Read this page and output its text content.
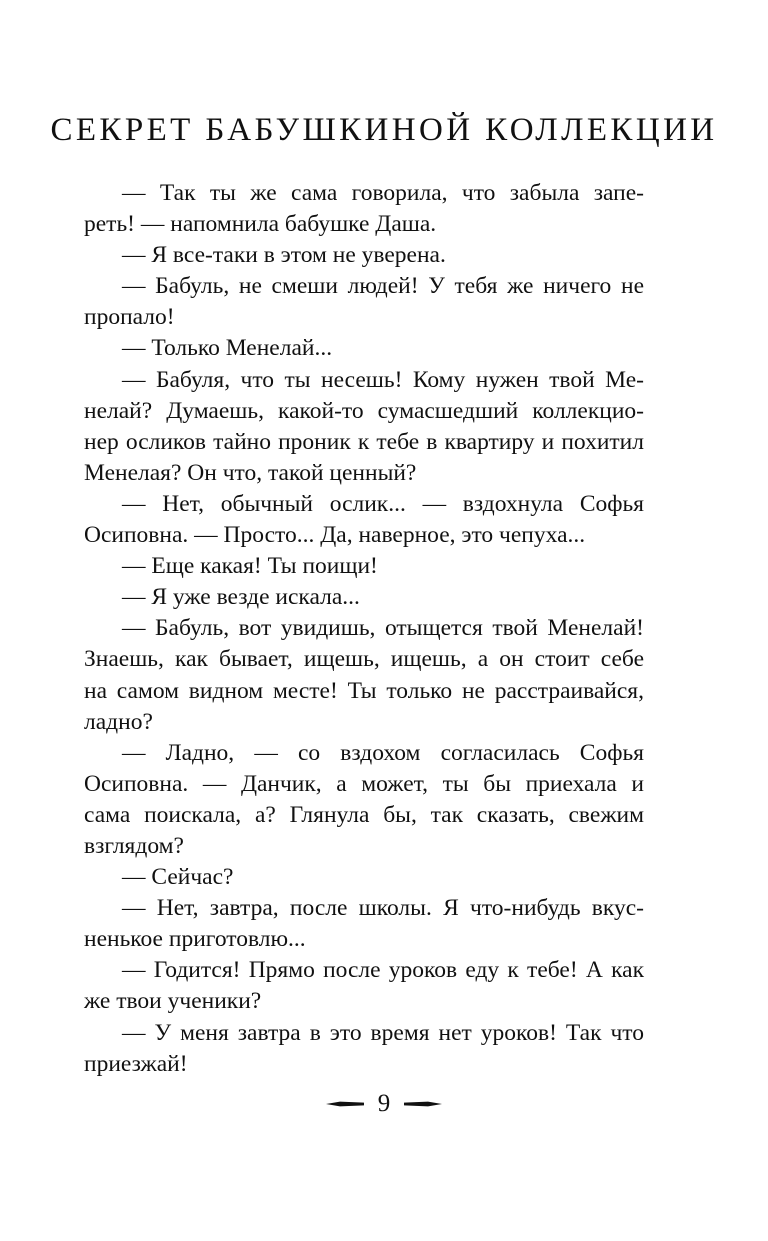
СЕКРЕТ БАБУШКИНОЙ КОЛЛЕКЦИИ
— Так ты же сама говорила, что забыла запе-
реть! — напомнила бабушке Даша.
— Я все-таки в этом не уверена.
— Бабуль, не смеши людей! У тебя же ничего не
пропало!
— Только Менелай...
— Бабуля, что ты несешь! Кому нужен твой Ме-
нелай? Думаешь, какой-то сумасшедший коллекцио-
нер осликов тайно проник к тебе в квартиру и похитил
Менелая? Он что, такой ценный?
— Нет, обычный ослик... — вздохнула Софья
Осиповна. — Просто... Да, наверное, это чепуха...
— Еще какая! Ты поищи!
— Я уже везде искала...
— Бабуль, вот увидишь, отыщется твой Менелай!
Знаешь, как бывает, ищешь, ищешь, а он стоит себе
на самом видном месте! Ты только не расстраивайся,
ладно?
— Ладно, — со вздохом согласилась Софья
Осиповна. — Данчик, а может, ты бы приехала и
сама поискала, а? Глянула бы, так сказать, свежим
взглядом?
— Сейчас?
— Нет, завтра, после школы. Я что-нибудь вкус-
ненькое приготовлю...
— Годится! Прямо после уроков еду к тебе! А как
же твои ученики?
— У меня завтра в это время нет уроков! Так что
приезжай!
9
